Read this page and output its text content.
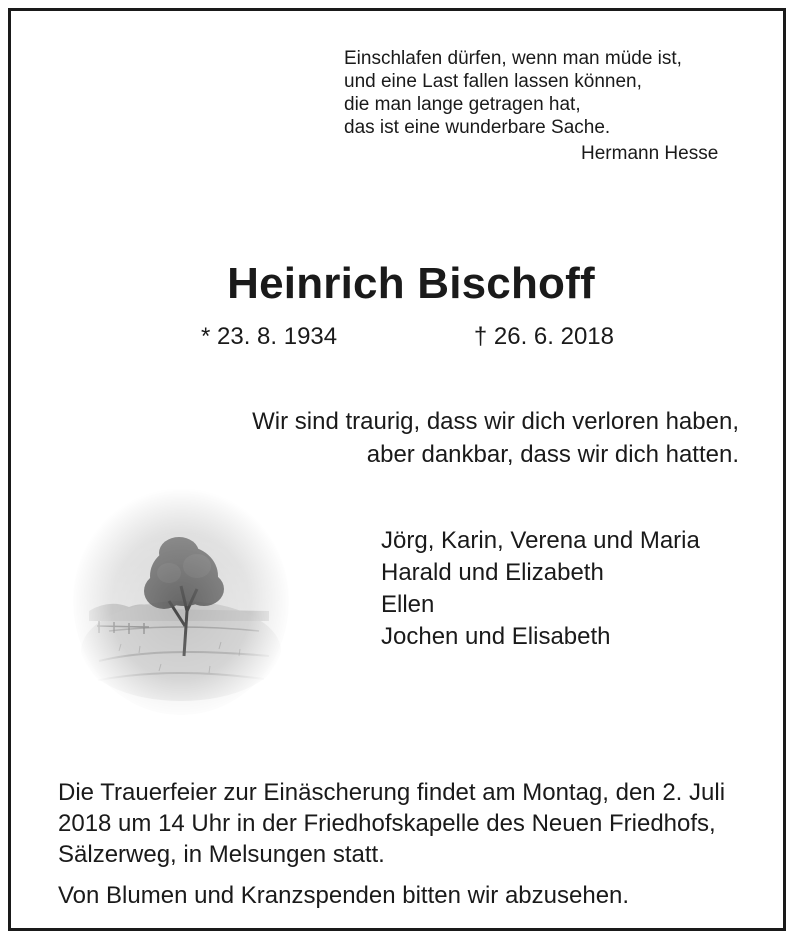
Einschlafen dürfen, wenn man müde ist,
und eine Last fallen lassen können,
die man lange getragen hat,
das ist eine wunderbare Sache.
Hermann Hesse
Heinrich Bischoff
* 23. 8. 1934	† 26. 6. 2018
Wir sind traurig, dass wir dich verloren haben,
aber dankbar, dass wir dich hatten.
Jörg, Karin, Verena und Maria
Harald und Elizabeth
Ellen
Jochen und Elisabeth
Die Trauerfeier zur Einäscherung findet am Montag, den 2. Juli 2018 um 14 Uhr in der Friedhofskapelle des Neuen Friedhofs, Sälzerweg, in Melsungen statt.
Von Blumen und Kranzspenden bitten wir abzusehen.
